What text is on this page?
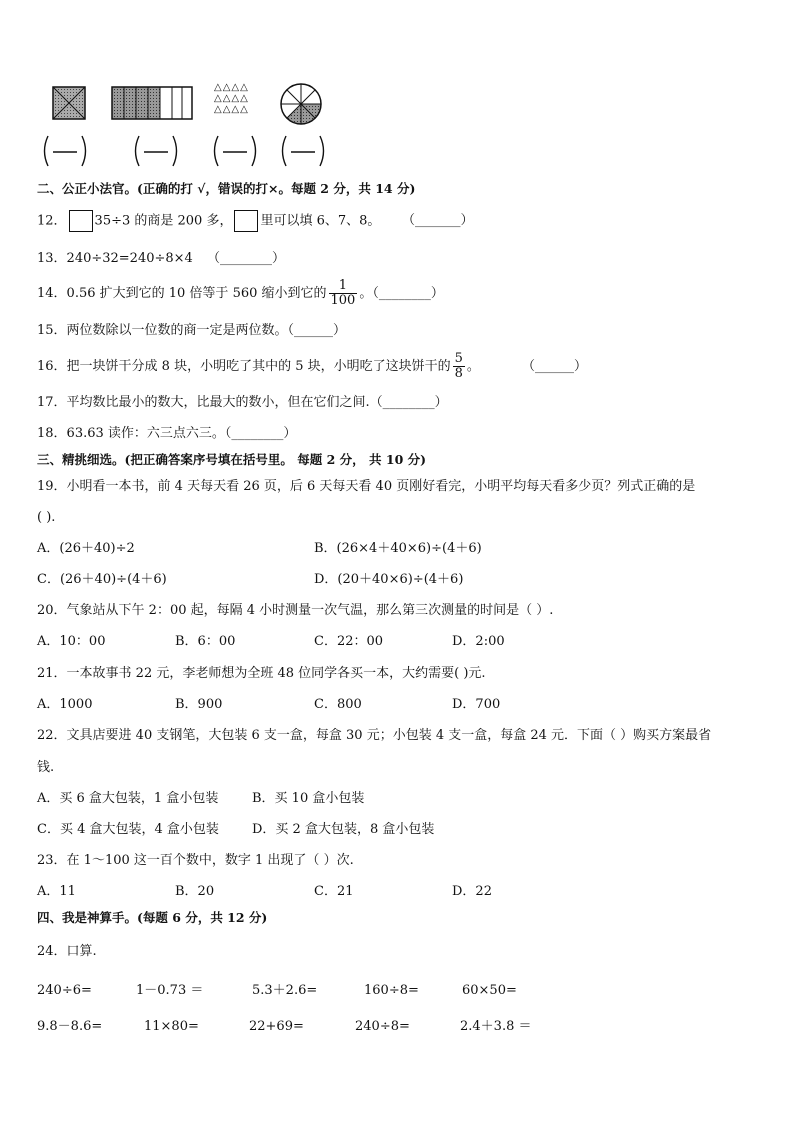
△△△△
△△△△
△△△△
二、公正小法官。(正确的打 √，错误的打×。每题 2 分，共 14 分)
12． 35÷3 的商是 200 多， 里可以填 6、7、8。 （_______）
13．240÷32=240÷8×4 （________）
14．0.56 扩大到它的 10 倍等于 560 缩小到它的 $\frac{1}{100}$ 。（________）
15．两位数除以一位数的商一定是两位数。（______）
16．把一块饼干分成 8 块，小明吃了其中的 5 块，小明吃了这块饼干的 $\frac{5}{8}$ 。	（______）
17．平均数比最小的数大，比最大的数小，但在它们之间.（________）
18．63.63 读作：六三点六三。（________）
三、精挑细选。(把正确答案序号填在括号里。 每题 2 分， 共 10 分)
19．小明看一本书，前 4 天每天看 26 页，后 6 天每天看 40 页刚好看完，小明平均每天看多少页？列式正确的是
( ).
A．(26＋40)÷2	B．(26×4＋40×6)÷(4＋6)
C．(26＋40)÷(4＋6)	D．(20＋40×6)÷(4＋6)
20．气象站从下午 2：00 起，每隔 4 小时测量一次气温，那么第三次测量的时间是（ ）.
A．10：00	B．6：00	C．22：00	D．2:00
21．一本故事书 22 元，李老师想为全班 48 位同学各买一本，大约需要( )元.
A．1000	B．900	C．800	D．700
22．文具店要进 40 支钢笔，大包装 6 支一盒，每盒 30 元；小包装 4 支一盒，每盒 24 元．下面（ ）购买方案最省
钱.
A．买 6 盒大包装，1 盒小包装	B．买 10 盒小包装
C．买 4 盒大包装，4 盒小包装	D．买 2 盒大包装，8 盒小包装
23．在 1～100 这一百个数中，数字 1 出现了（ ）次.
A．11	B．20	C．21	D．22
四、我是神算手。(每题 6 分，共 12 分)
24．口算.
240÷6=	1－0.73 ＝	5.3＋2.6=	160÷8=	60×50=
9.8－8.6=	11×80=	22+69=	240÷8=	2.4＋3.8 ＝
